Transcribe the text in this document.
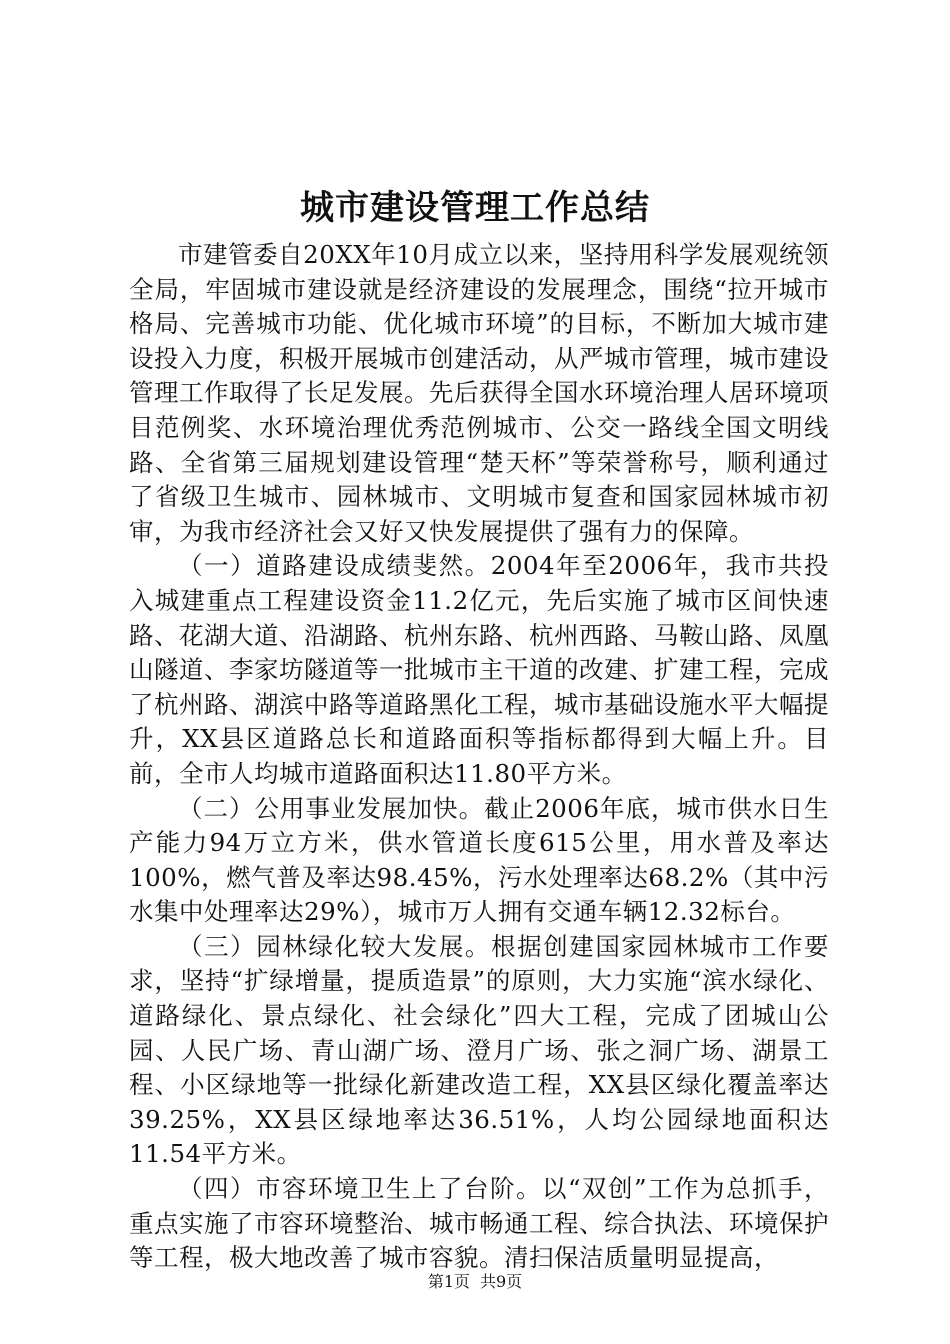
城市建设管理工作总结

市建管委自20XX年10月成立以来，坚持用科学发展观统领全局，牢固城市建设就是经济建设的发展理念，围绕“拉开城市格局、完善城市功能、优化城市环境”的目标，不断加大城市建设投入力度，积极开展城市创建活动，从严城市管理，城市建设管理工作取得了长足发展。先后获得全国水环境治理人居环境项目范例奖、水环境治理优秀范例城市、公交一路线全国文明线路、全省第三届规划建设管理“楚天杯”等荣誉称号，顺利通过了省级卫生城市、园林城市、文明城市复查和国家园林城市初审，为我市经济社会又好又快发展提供了强有力的保障。

（一）道路建设成绩斐然。2004年至2006年，我市共投入城建重点工程建设资金11.2亿元，先后实施了城市区间快速路、花湖大道、沿湖路、杭州东路、杭州西路、马鞍山路、凤凰山隧道、李家坊隧道等一批城市主干道的改建、扩建工程，完成了杭州路、湖滨中路等道路黑化工程，城市基础设施水平大幅提升，XX县区道路总长和道路面积等指标都得到大幅上升。目前，全市人均城市道路面积达11.80平方米。

（二）公用事业发展加快。截止2006年底，城市供水日生产能力94万立方米，供水管道长度615公里，用水普及率达100%，燃气普及率达98.45%，污水处理率达68.2%（其中污水集中处理率达29%），城市万人拥有交通车辆12.32标台。

（三）园林绿化较大发展。根据创建国家园林城市工作要求，坚持“扩绿增量，提质造景”的原则，大力实施“滨水绿化、道路绿化、景点绿化、社会绿化”四大工程，完成了团城山公园、人民广场、青山湖广场、澄月广场、张之洞广场、湖景工程、小区绿地等一批绿化新建改造工程，XX县区绿化覆盖率达39.25%，XX县区绿地率达36.51%，人均公园绿地面积达11.54平方米。

（四）市容环境卫生上了台阶。以“双创”工作为总抓手，重点实施了市容环境整治、城市畅通工程、综合执法、环境保护等工程，极大地改善了城市容貌。清扫保洁质量明显提高，

第1页 共9页
